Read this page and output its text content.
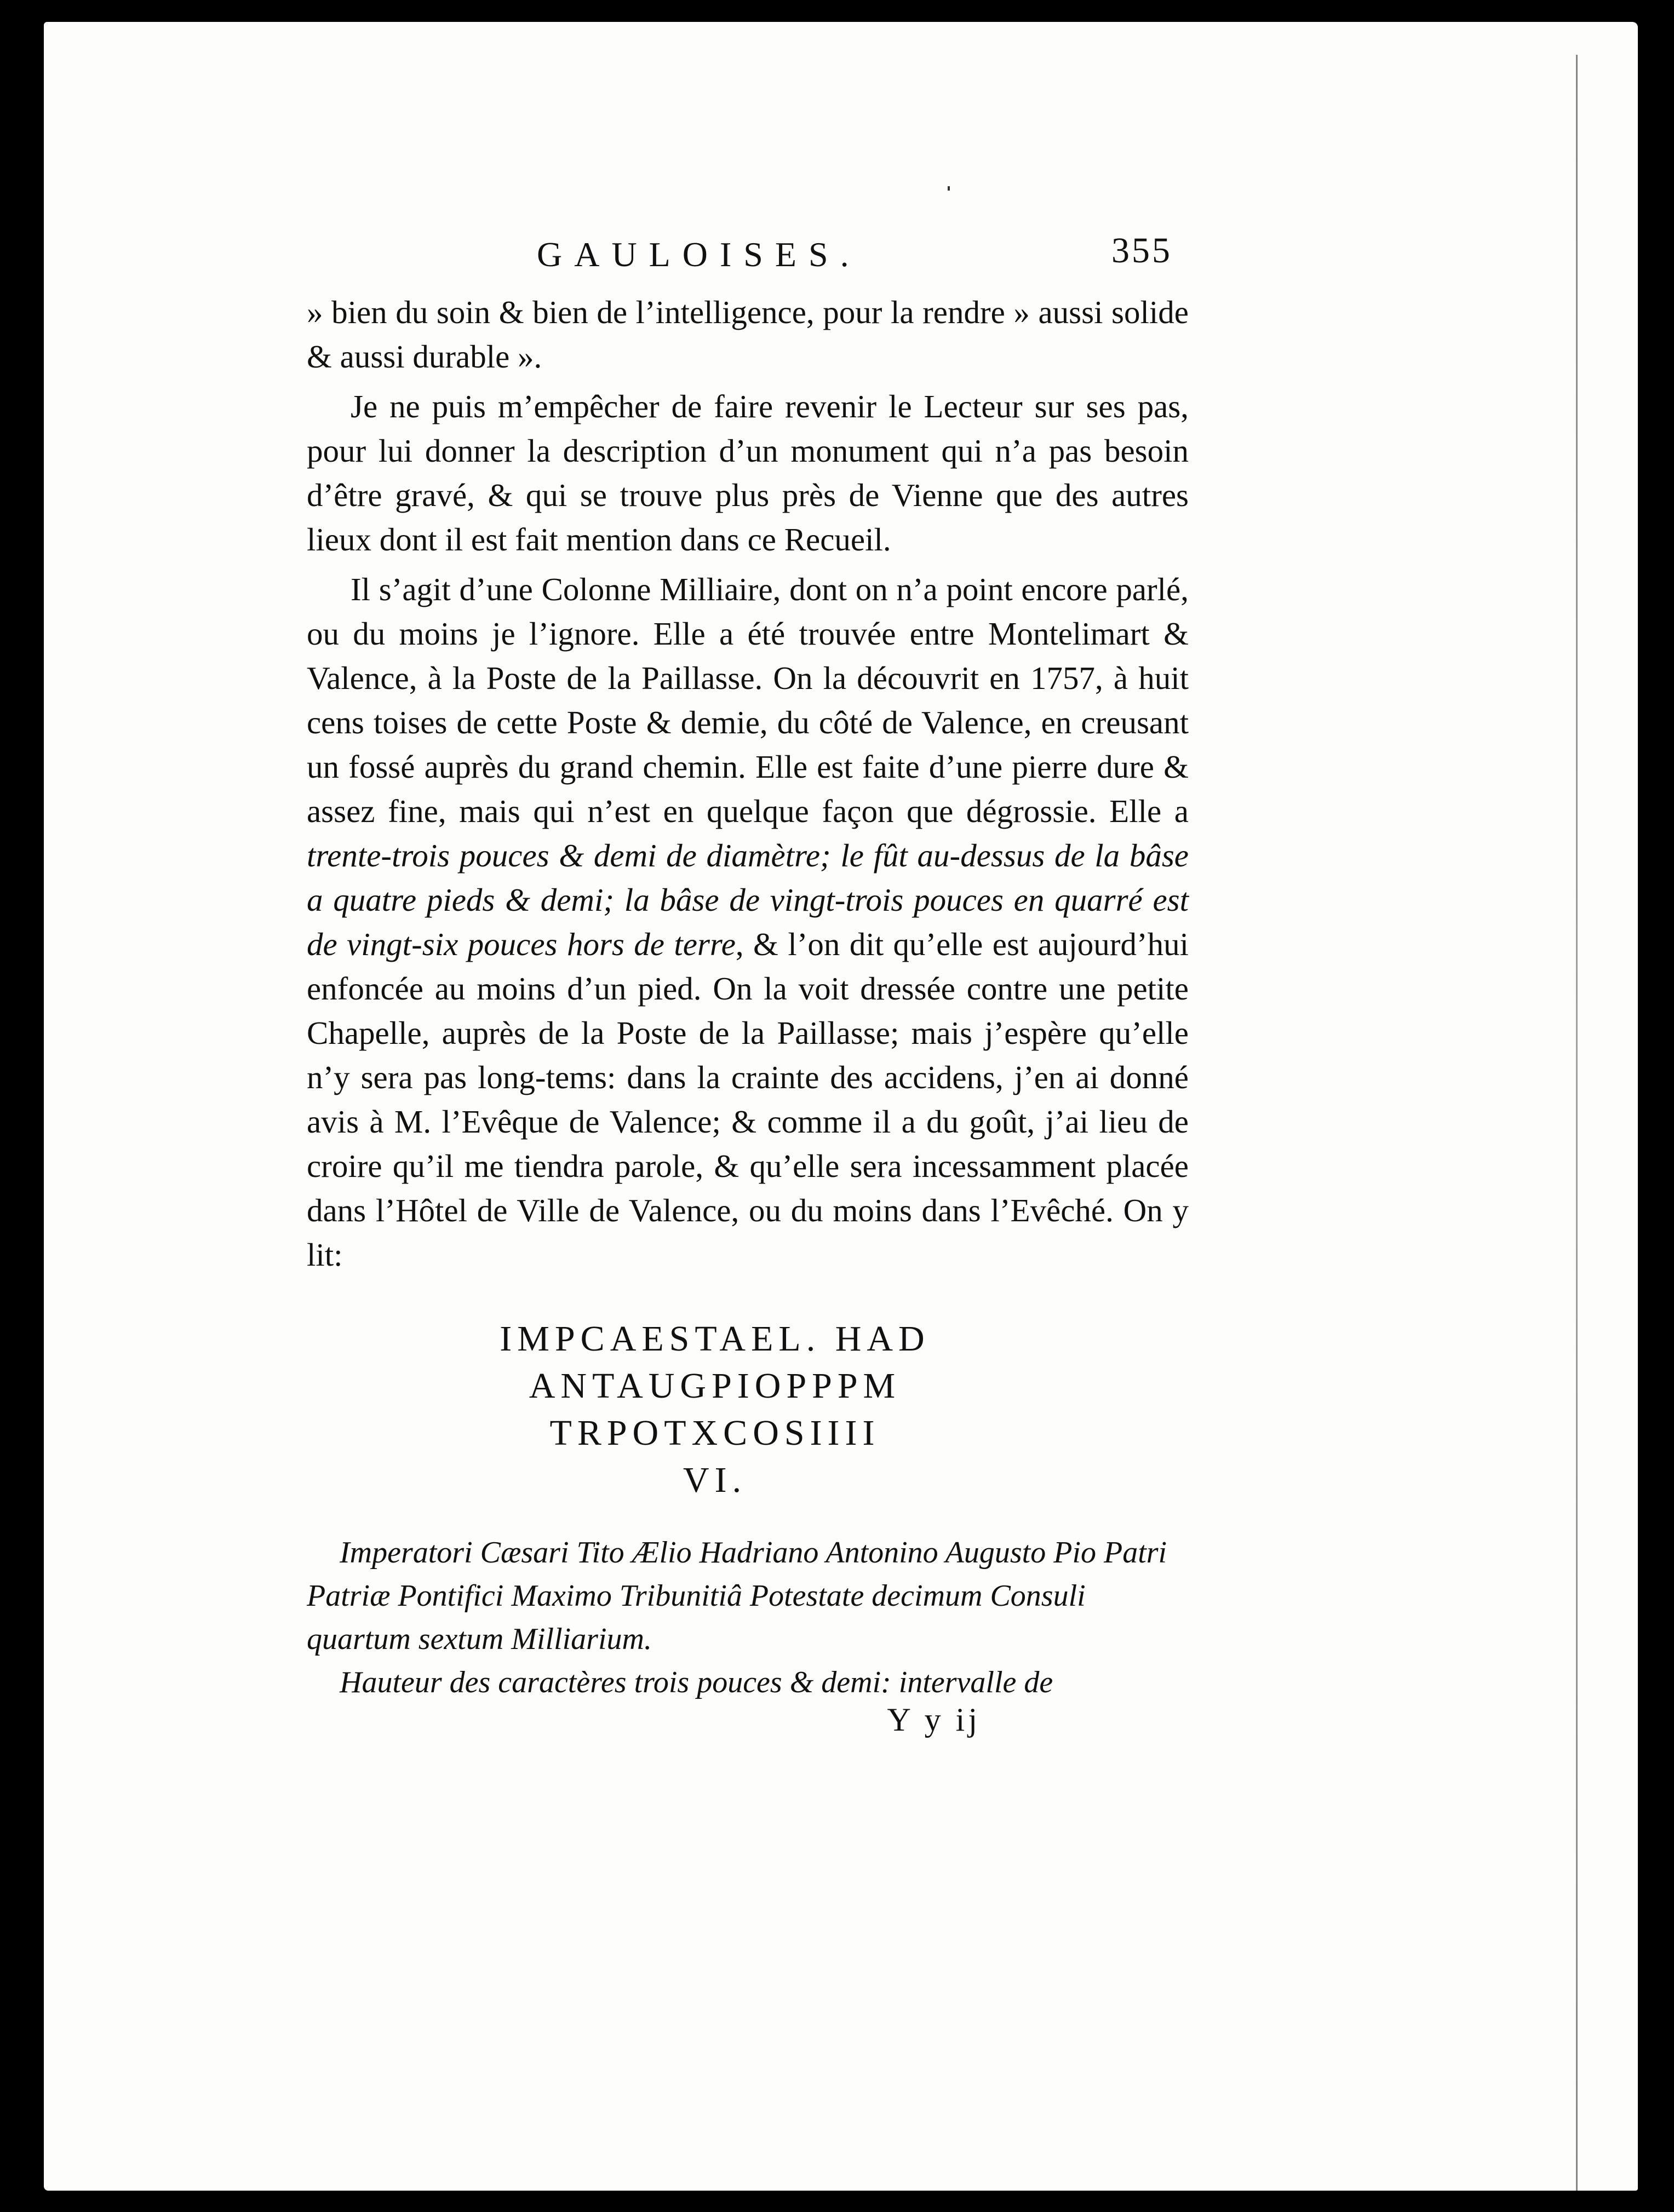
GAULOISES.	355

» bien du soin & bien de l’intelligence, pour la rendre » aussi solide & aussi durable ».

Je ne puis m’empêcher de faire revenir le Lecteur sur ses pas, pour lui donner la description d’un monument qui n’a pas besoin d’être gravé, & qui se trouve plus près de Vienne que des autres lieux dont il est fait mention dans ce Recueil.

Il s’agit d’une Colonne Milliaire, dont on n’a point encore parlé, ou du moins je l’ignore. Elle a été trouvée entre Montelimart & Valence, à la Poste de la Paillasse. On la découvrit en 1757, à huit cens toises de cette Poste & demie, du côté de Valence, en creusant un fossé auprès du grand chemin. Elle est faite d’une pierre dure & assez fine, mais qui n’est en quelque façon que dégrossie. Elle a trente-trois pouces & demi de diamètre; le fût au-dessus de la bâse a quatre pieds & demi; la bâse de vingt-trois pouces en quarré est de vingt-six pouces hors de terre, & l’on dit qu’elle est aujourd’hui enfoncée au moins d’un pied. On la voit dressée contre une petite Chapelle, auprès de la Poste de la Paillasse; mais j’espère qu’elle n’y sera pas long-tems: dans la crainte des accidens, j’en ai donné avis à M. l’Evêque de Valence; & comme il a du goût, j’ai lieu de croire qu’il me tiendra parole, & qu’elle sera incessamment placée dans l’Hôtel de Ville de Valence, ou du moins dans l’Evêché. On y lit:

IMPCAESTAEL. HAD
ANTAUGPIOPPPM
TRPOTXCOSIIII
VI.

Imperatori Cæsari Tito Ælio Hadriano Antonino Augusto Pio Patri Patriæ Pontifici Maximo Tribunitiâ Potestate decimum Consuli quartum sextum Milliarium.

Hauteur des caractères trois pouces & demi: intervalle de

Y y ij
